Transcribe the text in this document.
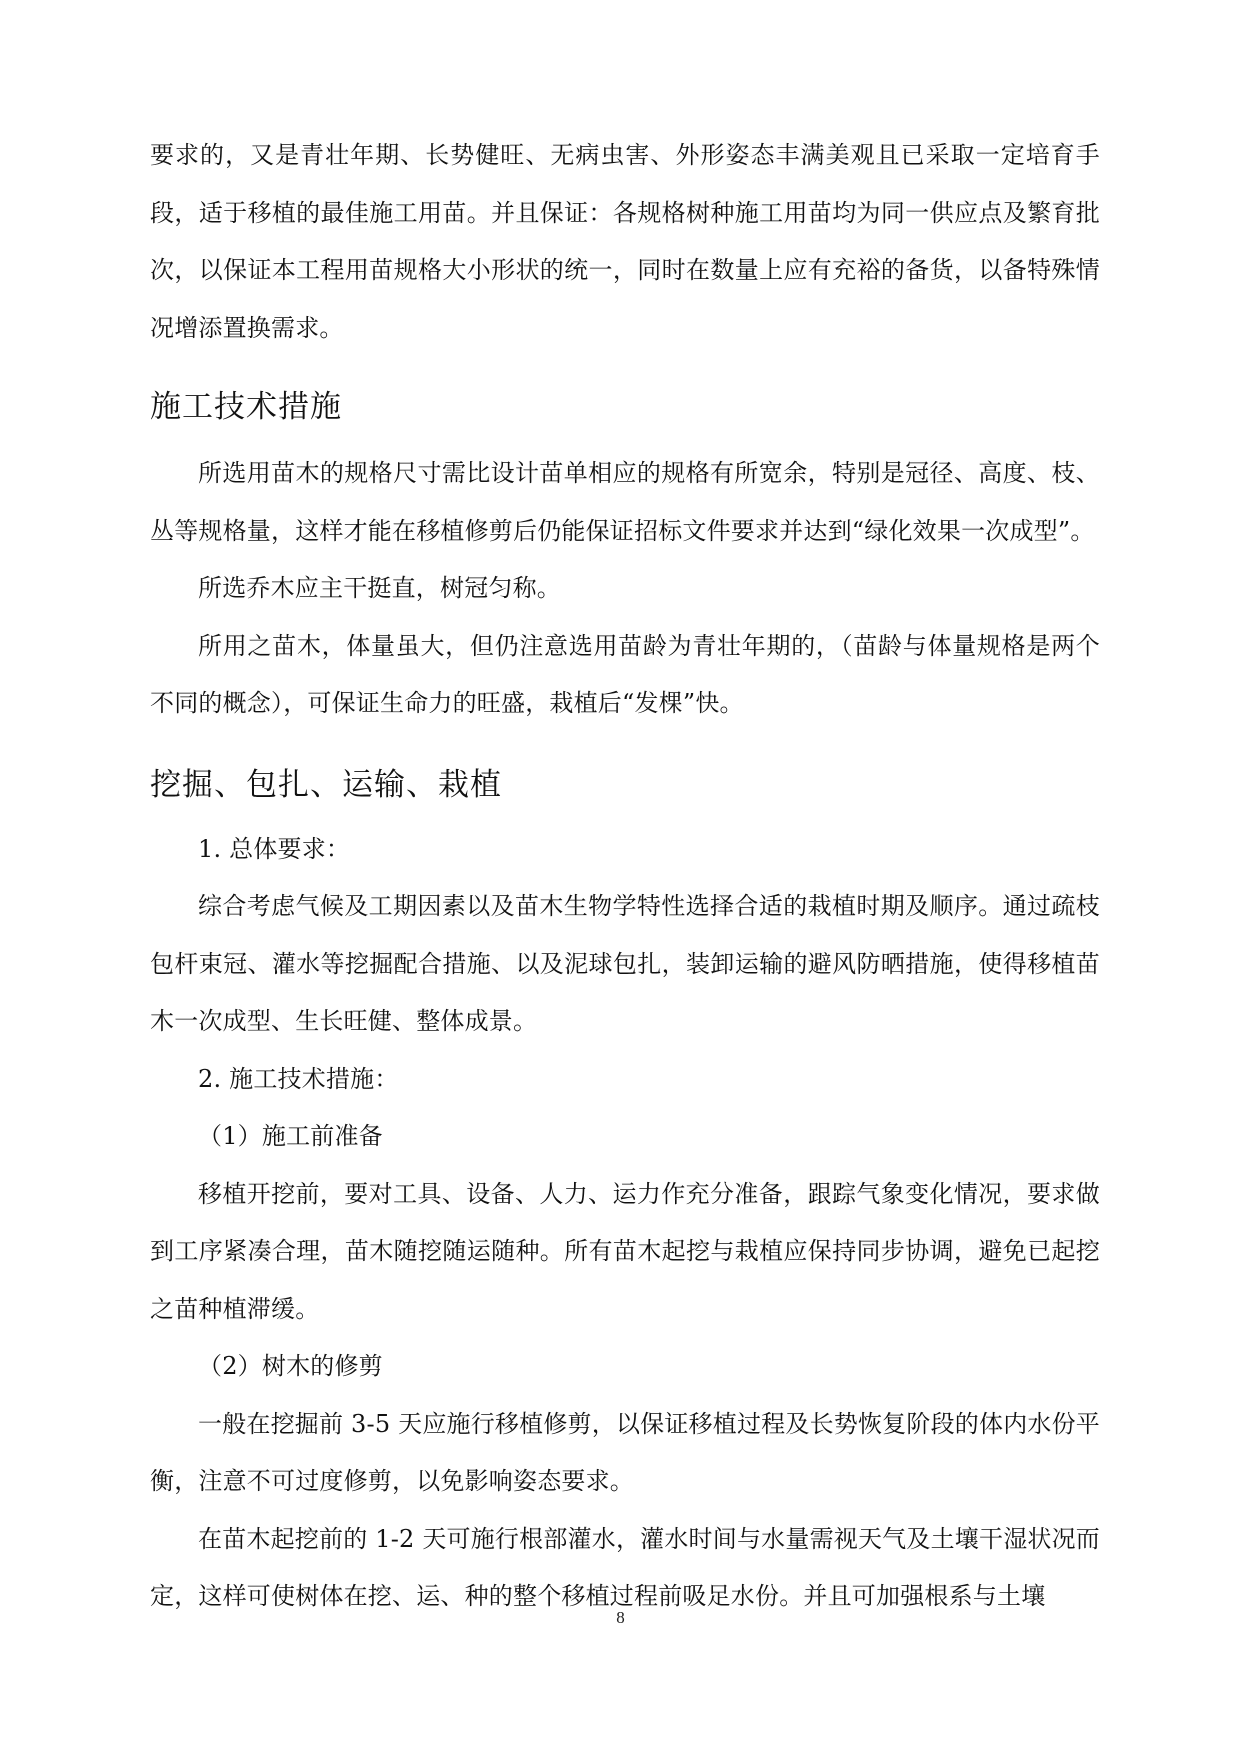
要求的，又是青壮年期、长势健旺、无病虫害、外形姿态丰满美观且已采取一定培育手段，适于移植的最佳施工用苗。并且保证：各规格树种施工用苗均为同一供应点及繁育批次，以保证本工程用苗规格大小形状的统一，同时在数量上应有充裕的备货，以备特殊情况增添置换需求。

施工技术措施

所选用苗木的规格尺寸需比设计苗单相应的规格有所宽余，特别是冠径、高度、枝、丛等规格量，这样才能在移植修剪后仍能保证招标文件要求并达到“绿化效果一次成型”。

所选乔木应主干挺直，树冠匀称。

所用之苗木，体量虽大，但仍注意选用苗龄为青壮年期的，（苗龄与体量规格是两个不同的概念），可保证生命力的旺盛，栽植后“发棵”快。

挖掘、包扎、运输、栽植

1. 总体要求：

综合考虑气候及工期因素以及苗木生物学特性选择合适的栽植时期及顺序。通过疏枝包杆束冠、灌水等挖掘配合措施、以及泥球包扎，装卸运输的避风防晒措施，使得移植苗木一次成型、生长旺健、整体成景。

2. 施工技术措施：

（1）施工前准备

移植开挖前，要对工具、设备、人力、运力作充分准备，跟踪气象变化情况，要求做到工序紧凑合理，苗木随挖随运随种。所有苗木起挖与栽植应保持同步协调，避免已起挖之苗种植滞缓。

（2）树木的修剪

一般在挖掘前 3-5 天应施行移植修剪，以保证移植过程及长势恢复阶段的体内水份平衡，注意不可过度修剪，以免影响姿态要求。

在苗木起挖前的 1-2 天可施行根部灌水，灌水时间与水量需视天气及土壤干湿状况而定，这样可使树体在挖、运、种的整个移植过程前吸足水份。并且可加强根系与土壤

8
